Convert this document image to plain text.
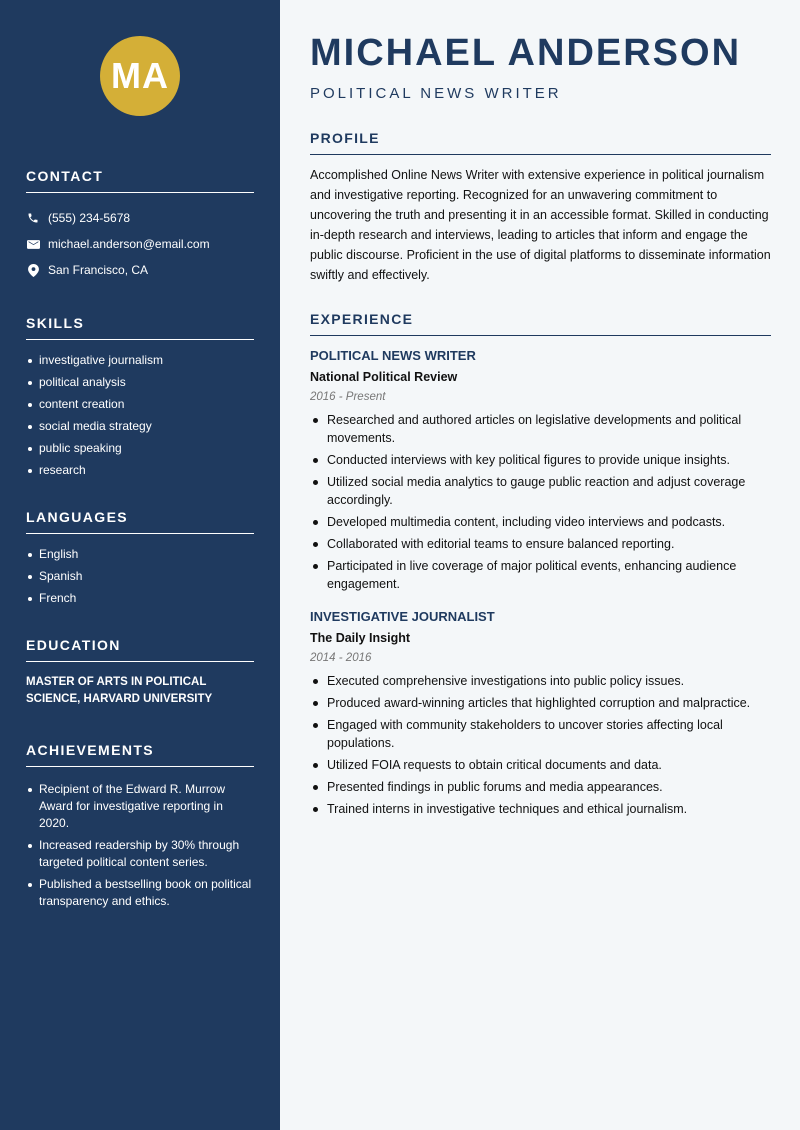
MA
CONTACT
(555) 234-5678
michael.anderson@email.com
San Francisco, CA
SKILLS
investigative journalism
political analysis
content creation
social media strategy
public speaking
research
LANGUAGES
English
Spanish
French
EDUCATION

MASTER OF ARTS IN POLITICAL SCIENCE, HARVARD UNIVERSITY

ACHIEVEMENTS
Recipient of the Edward R. Murrow Award for investigative reporting in 2020.
Increased readership by 30% through targeted political content series.
Published a bestselling book on political transparency and ethics.
MICHAEL ANDERSON
POLITICAL NEWS WRITER
PROFILE

Accomplished Online News Writer with extensive experience in political journalism and investigative reporting. Recognized for an unwavering commitment to uncovering the truth and presenting it in an accessible format. Skilled in conducting in-depth research and interviews, leading to articles that inform and engage the public discourse. Proficient in the use of digital platforms to disseminate information swiftly and effectively.

EXPERIENCE
POLITICAL NEWS WRITER
National Political Review
2016 - Present
Researched and authored articles on legislative developments and political movements.
Conducted interviews with key political figures to provide unique insights.
Utilized social media analytics to gauge public reaction and adjust coverage accordingly.
Developed multimedia content, including video interviews and podcasts.
Collaborated with editorial teams to ensure balanced reporting.
Participated in live coverage of major political events, enhancing audience engagement.
INVESTIGATIVE JOURNALIST
The Daily Insight
2014 - 2016
Executed comprehensive investigations into public policy issues.
Produced award-winning articles that highlighted corruption and malpractice.
Engaged with community stakeholders to uncover stories affecting local populations.
Utilized FOIA requests to obtain critical documents and data.
Presented findings in public forums and media appearances.
Trained interns in investigative techniques and ethical journalism.
